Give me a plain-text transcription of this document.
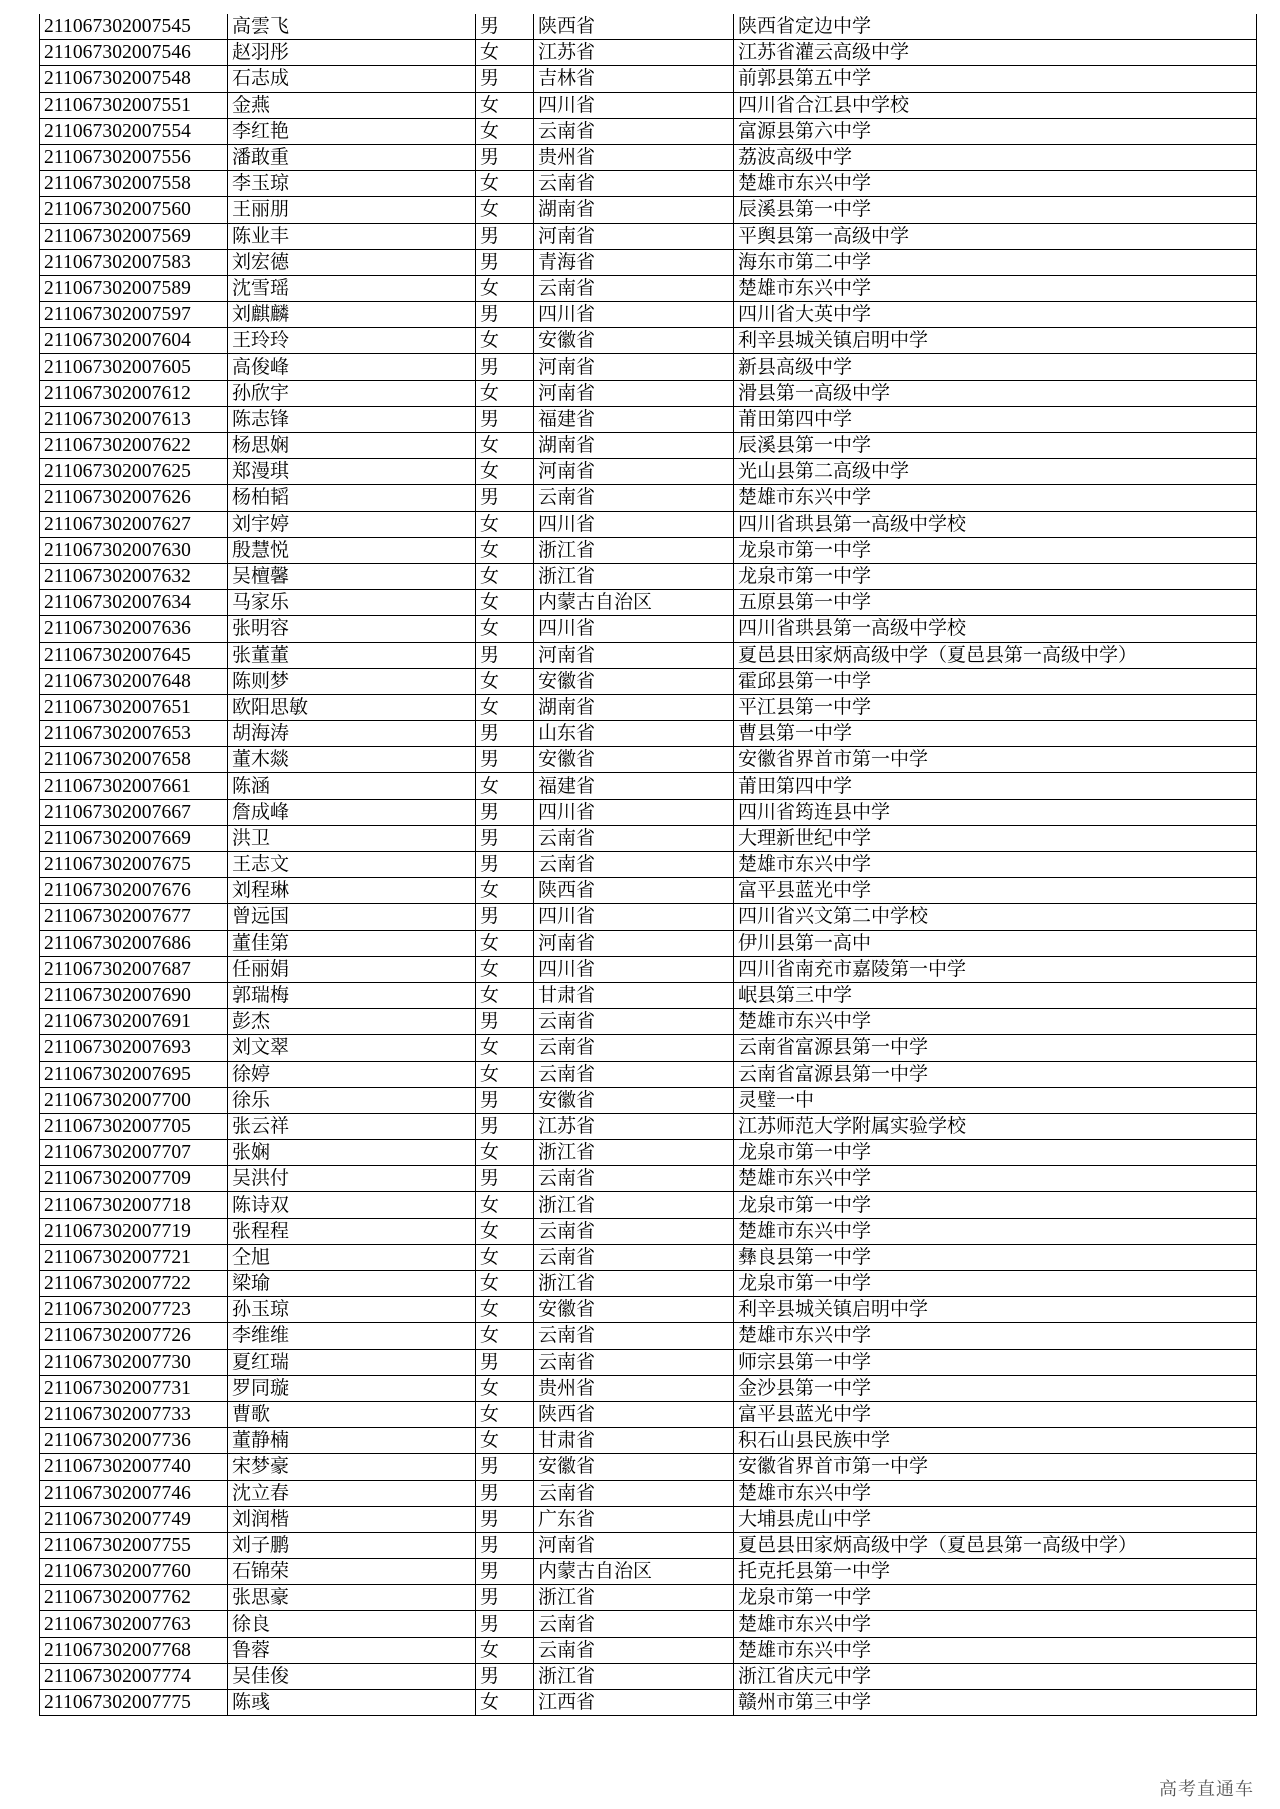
211067302007545	高雲飞	男	陕西省	陕西省定边中学
211067302007546	赵羽彤	女	江苏省	江苏省灌云高级中学
211067302007548	石志成	男	吉林省	前郭县第五中学
211067302007551	金燕	女	四川省	四川省合江县中学校
211067302007554	李红艳	女	云南省	富源县第六中学
211067302007556	潘敢重	男	贵州省	荔波高级中学
211067302007558	李玉琼	女	云南省	楚雄市东兴中学
211067302007560	王丽朋	女	湖南省	辰溪县第一中学
211067302007569	陈业丰	男	河南省	平舆县第一高级中学
211067302007583	刘宏德	男	青海省	海东市第二中学
211067302007589	沈雪瑶	女	云南省	楚雄市东兴中学
211067302007597	刘麒麟	男	四川省	四川省大英中学
211067302007604	王玲玲	女	安徽省	利辛县城关镇启明中学
211067302007605	高俊峰	男	河南省	新县高级中学
211067302007612	孙欣宇	女	河南省	滑县第一高级中学
211067302007613	陈志锋	男	福建省	莆田第四中学
211067302007622	杨思娴	女	湖南省	辰溪县第一中学
211067302007625	郑漫琪	女	河南省	光山县第二高级中学
211067302007626	杨柏韬	男	云南省	楚雄市东兴中学
211067302007627	刘宇婷	女	四川省	四川省珙县第一高级中学校
211067302007630	殷慧悦	女	浙江省	龙泉市第一中学
211067302007632	吴檀馨	女	浙江省	龙泉市第一中学
211067302007634	马家乐	女	内蒙古自治区	五原县第一中学
211067302007636	张明容	女	四川省	四川省珙县第一高级中学校
211067302007645	张董董	男	河南省	夏邑县田家炳高级中学（夏邑县第一高级中学）
211067302007648	陈则梦	女	安徽省	霍邱县第一中学
211067302007651	欧阳思敏	女	湖南省	平江县第一中学
211067302007653	胡海涛	男	山东省	曹县第一中学
211067302007658	董木燚	男	安徽省	安徽省界首市第一中学
211067302007661	陈涵	女	福建省	莆田第四中学
211067302007667	詹成峰	男	四川省	四川省筠连县中学
211067302007669	洪卫	男	云南省	大理新世纪中学
211067302007675	王志文	男	云南省	楚雄市东兴中学
211067302007676	刘程琳	女	陕西省	富平县蓝光中学
211067302007677	曾远国	男	四川省	四川省兴文第二中学校
211067302007686	董佳第	女	河南省	伊川县第一高中
211067302007687	任丽娟	女	四川省	四川省南充市嘉陵第一中学
211067302007690	郭瑞梅	女	甘肃省	岷县第三中学
211067302007691	彭杰	男	云南省	楚雄市东兴中学
211067302007693	刘文翠	女	云南省	云南省富源县第一中学
211067302007695	徐婷	女	云南省	云南省富源县第一中学
211067302007700	徐乐	男	安徽省	灵璧一中
211067302007705	张云祥	男	江苏省	江苏师范大学附属实验学校
211067302007707	张娴	女	浙江省	龙泉市第一中学
211067302007709	吴洪付	男	云南省	楚雄市东兴中学
211067302007718	陈诗双	女	浙江省	龙泉市第一中学
211067302007719	张程程	女	云南省	楚雄市东兴中学
211067302007721	仝旭	女	云南省	彝良县第一中学
211067302007722	梁瑜	女	浙江省	龙泉市第一中学
211067302007723	孙玉琼	女	安徽省	利辛县城关镇启明中学
211067302007726	李维维	女	云南省	楚雄市东兴中学
211067302007730	夏红瑞	男	云南省	师宗县第一中学
211067302007731	罗同璇	女	贵州省	金沙县第一中学
211067302007733	曹歌	女	陕西省	富平县蓝光中学
211067302007736	董静楠	女	甘肃省	积石山县民族中学
211067302007740	宋梦豪	男	安徽省	安徽省界首市第一中学
211067302007746	沈立春	男	云南省	楚雄市东兴中学
211067302007749	刘润楷	男	广东省	大埔县虎山中学
211067302007755	刘子鹏	男	河南省	夏邑县田家炳高级中学（夏邑县第一高级中学）
211067302007760	石锦荣	男	内蒙古自治区	托克托县第一中学
211067302007762	张思豪	男	浙江省	龙泉市第一中学
211067302007763	徐良	男	云南省	楚雄市东兴中学
211067302007768	鲁蓉	女	云南省	楚雄市东兴中学
211067302007774	吴佳俊	男	浙江省	浙江省庆元中学
211067302007775	陈彧	女	江西省	赣州市第三中学
高考直通车
